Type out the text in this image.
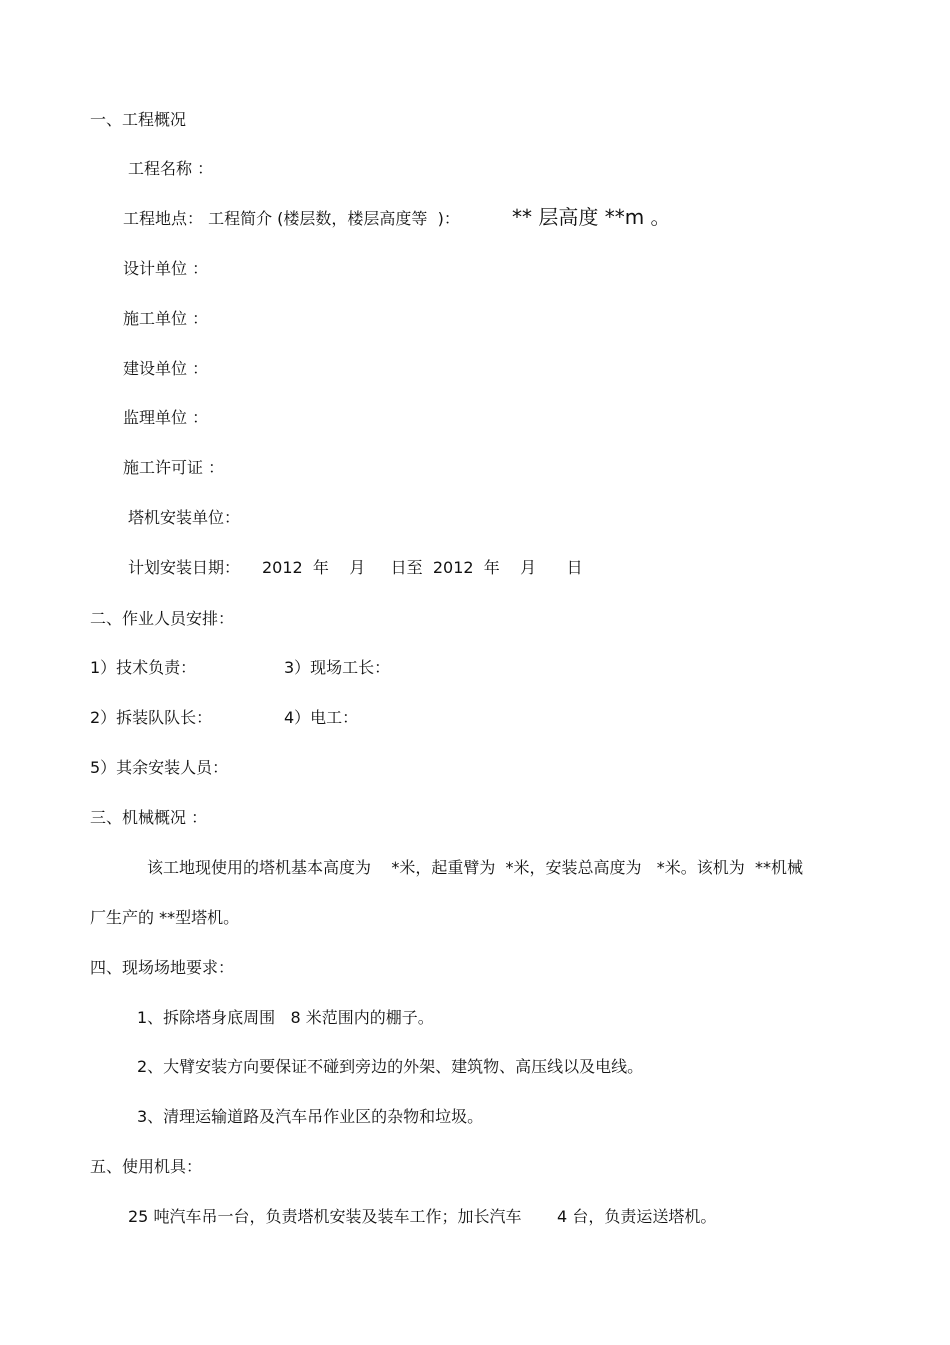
一、工程概况
工程名称 ：
工程地点： 工程简介 (楼层数，楼层高度等  )：	** 层高度 **m 。
设计单位 ：
施工单位 ：
建设单位 ：
监理单位 ：
施工许可证 ：
塔机安装单位：
计划安装日期： 2012  年    月     日至  2012  年    月      日
二、作业人员安排：
1）技术负责：	3）现场工长：
2）拆装队队长：	4）电工：
5）其余安装人员：
三、机械概况 ：
该工地现使用的塔机基本高度为    *米，起重臂为  *米，安装总高度为   *米。该机为  **机械
厂生产的 **型塔机。
四、现场场地要求：
1、拆除塔身底周围   8 米范围内的棚子。
2、大臂安装方向要保证不碰到旁边的外架、建筑物、高压线以及电线。
3、清理运输道路及汽车吊作业区的杂物和垃圾。
五、使用机具：
25 吨汽车吊一台，负责塔机安装及装车工作；加长汽车       4 台，负责运送塔机。
